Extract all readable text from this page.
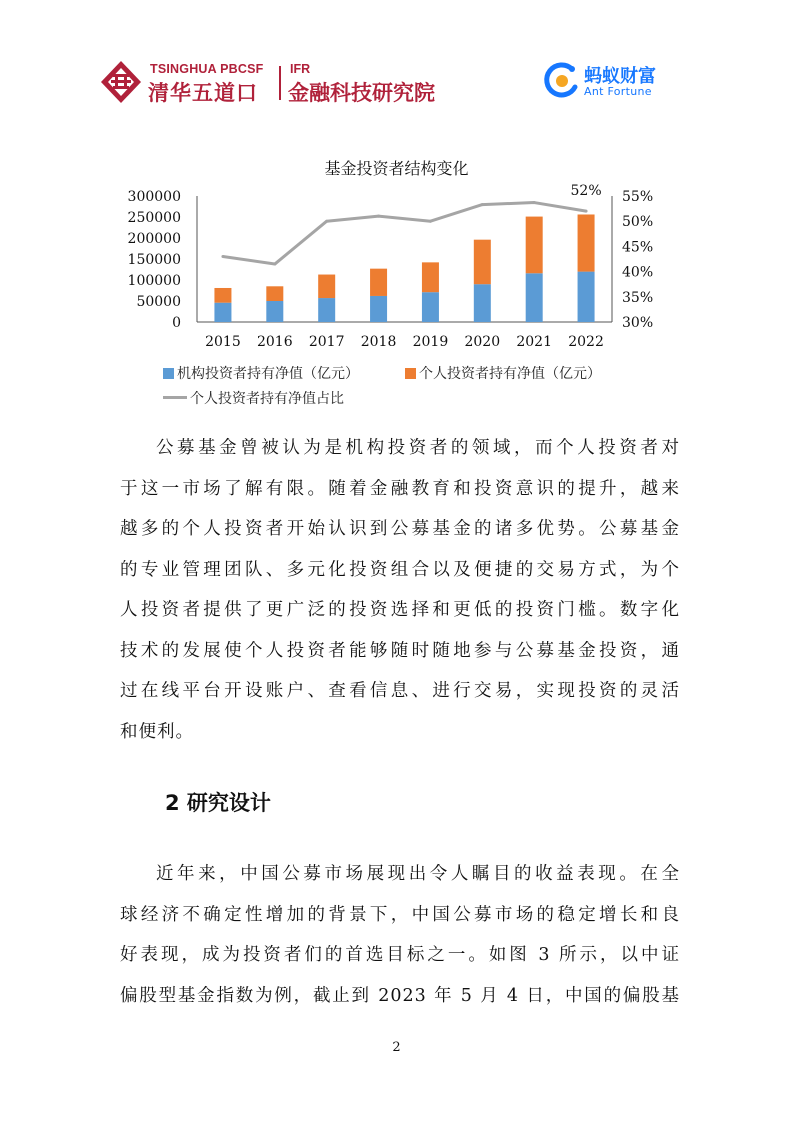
TSINGHUA PBCSF
清华五道口
IFR
金融科技研究院
蚂蚁财富
Ant Fortune
基金投资者结构变化
300000
250000
200000
150000
100000
50000
0
55%
50%
45%
40%
35%
30%
2015 2016 2017 2018 2019 2020 2021 2022
52%
机构投资者持有净值（亿元）	个人投资者持有净值（亿元）
个人投资者持有净值占比
公募基金曾被认为是机构投资者的领域，而个人投资者对
于这一市场了解有限。随着金融教育和投资意识的提升，越来
越多的个人投资者开始认识到公募基金的诸多优势。公募基金
的专业管理团队、多元化投资组合以及便捷的交易方式，为个
人投资者提供了更广泛的投资选择和更低的投资门槛。数字化
技术的发展使个人投资者能够随时随地参与公募基金投资，通
过在线平台开设账户、查看信息、进行交易，实现投资的灵活
和便利。
2 研究设计
近年来，中国公募市场展现出令人瞩目的收益表现。在全
球经济不确定性增加的背景下，中国公募市场的稳定增长和良
好表现，成为投资者们的首选目标之一。如图 3 所示，以中证
偏股型基金指数为例，截止到 2023 年 5 月 4 日，中国的偏股基
2
